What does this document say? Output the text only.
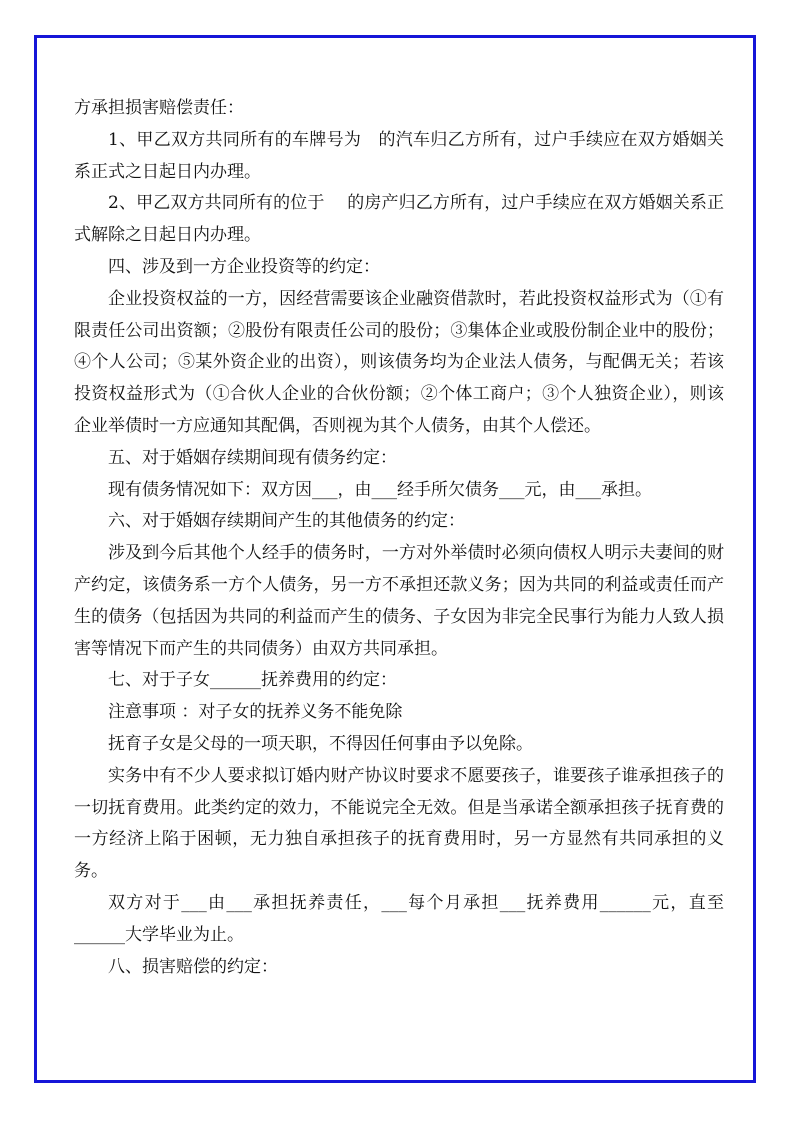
方承担损害赔偿责任：

1、甲乙双方共同所有的车牌号为　的汽车归乙方所有，过户手续应在双方婚姻关系正式之日起日内办理。

2、甲乙双方共同所有的位于　 的房产归乙方所有，过户手续应在双方婚姻关系正式解除之日起日内办理。

四、涉及到一方企业投资等的约定：

企业投资权益的一方，因经营需要该企业融资借款时，若此投资权益形式为（①有限责任公司出资额；②股份有限责任公司的股份；③集体企业或股份制企业中的股份；④个人公司；⑤某外资企业的出资），则该债务均为企业法人债务，与配偶无关；若该投资权益形式为（①合伙人企业的合伙份额；②个体工商户；③个人独资企业），则该企业举债时一方应通知其配偶，否则视为其个人债务，由其个人偿还。

五、对于婚姻存续期间现有债务约定：

现有债务情况如下：双方因___，由___经手所欠债务___元，由___承担。

六、对于婚姻存续期间产生的其他债务的约定：

涉及到今后其他个人经手的债务时，一方对外举债时必须向债权人明示夫妻间的财产约定，该债务系一方个人债务，另一方不承担还款义务；因为共同的利益或责任而产生的债务（包括因为共同的利益而产生的债务、子女因为非完全民事行为能力人致人损害等情况下而产生的共同债务）由双方共同承担。

七、对于子女______抚养费用的约定：

注意事项 ：对子女的抚养义务不能免除

抚育子女是父母的一项天职，不得因任何事由予以免除。

实务中有不少人要求拟订婚内财产协议时要求不愿要孩子，谁要孩子谁承担孩子的一切抚育费用。此类约定的效力，不能说完全无效。但是当承诺全额承担孩子抚育费的一方经济上陷于困顿，无力独自承担孩子的抚育费用时，另一方显然有共同承担的义务。

双方对于___由___承担抚养责任，___每个月承担___抚养费用______元，直至______大学毕业为止。

八、损害赔偿的约定：
